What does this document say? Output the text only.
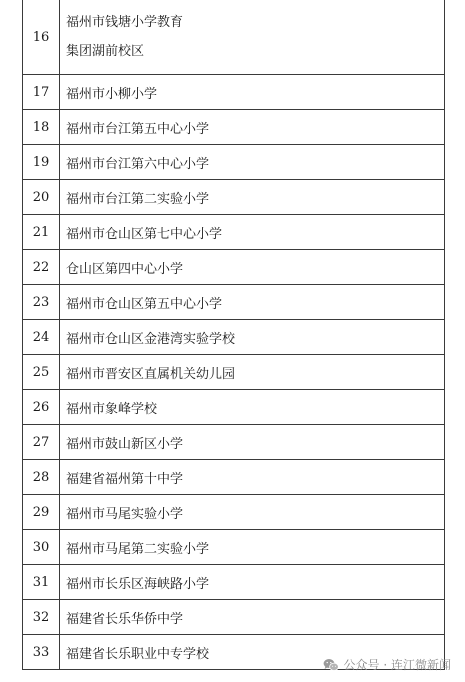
16	福州市钱塘小学教育
集团湖前校区

17	福州市小柳小学
18	福州市台江第五中心小学
19	福州市台江第六中心小学
20	福州市台江第二实验小学
21	福州市仓山区第七中心小学
22	仓山区第四中心小学
23	福州市仓山区第五中心小学
24	福州市仓山区金港湾实验学校
25	福州市晋安区直属机关幼儿园
26	福州市象峰学校
27	福州市鼓山新区小学
28	福建省福州第十中学
29	福州市马尾实验小学
30	福州市马尾第二实验小学
31	福州市长乐区海峡路小学
32	福建省长乐华侨中学
33	福建省长乐职业中专学校
公众号 · 连江微新闻
